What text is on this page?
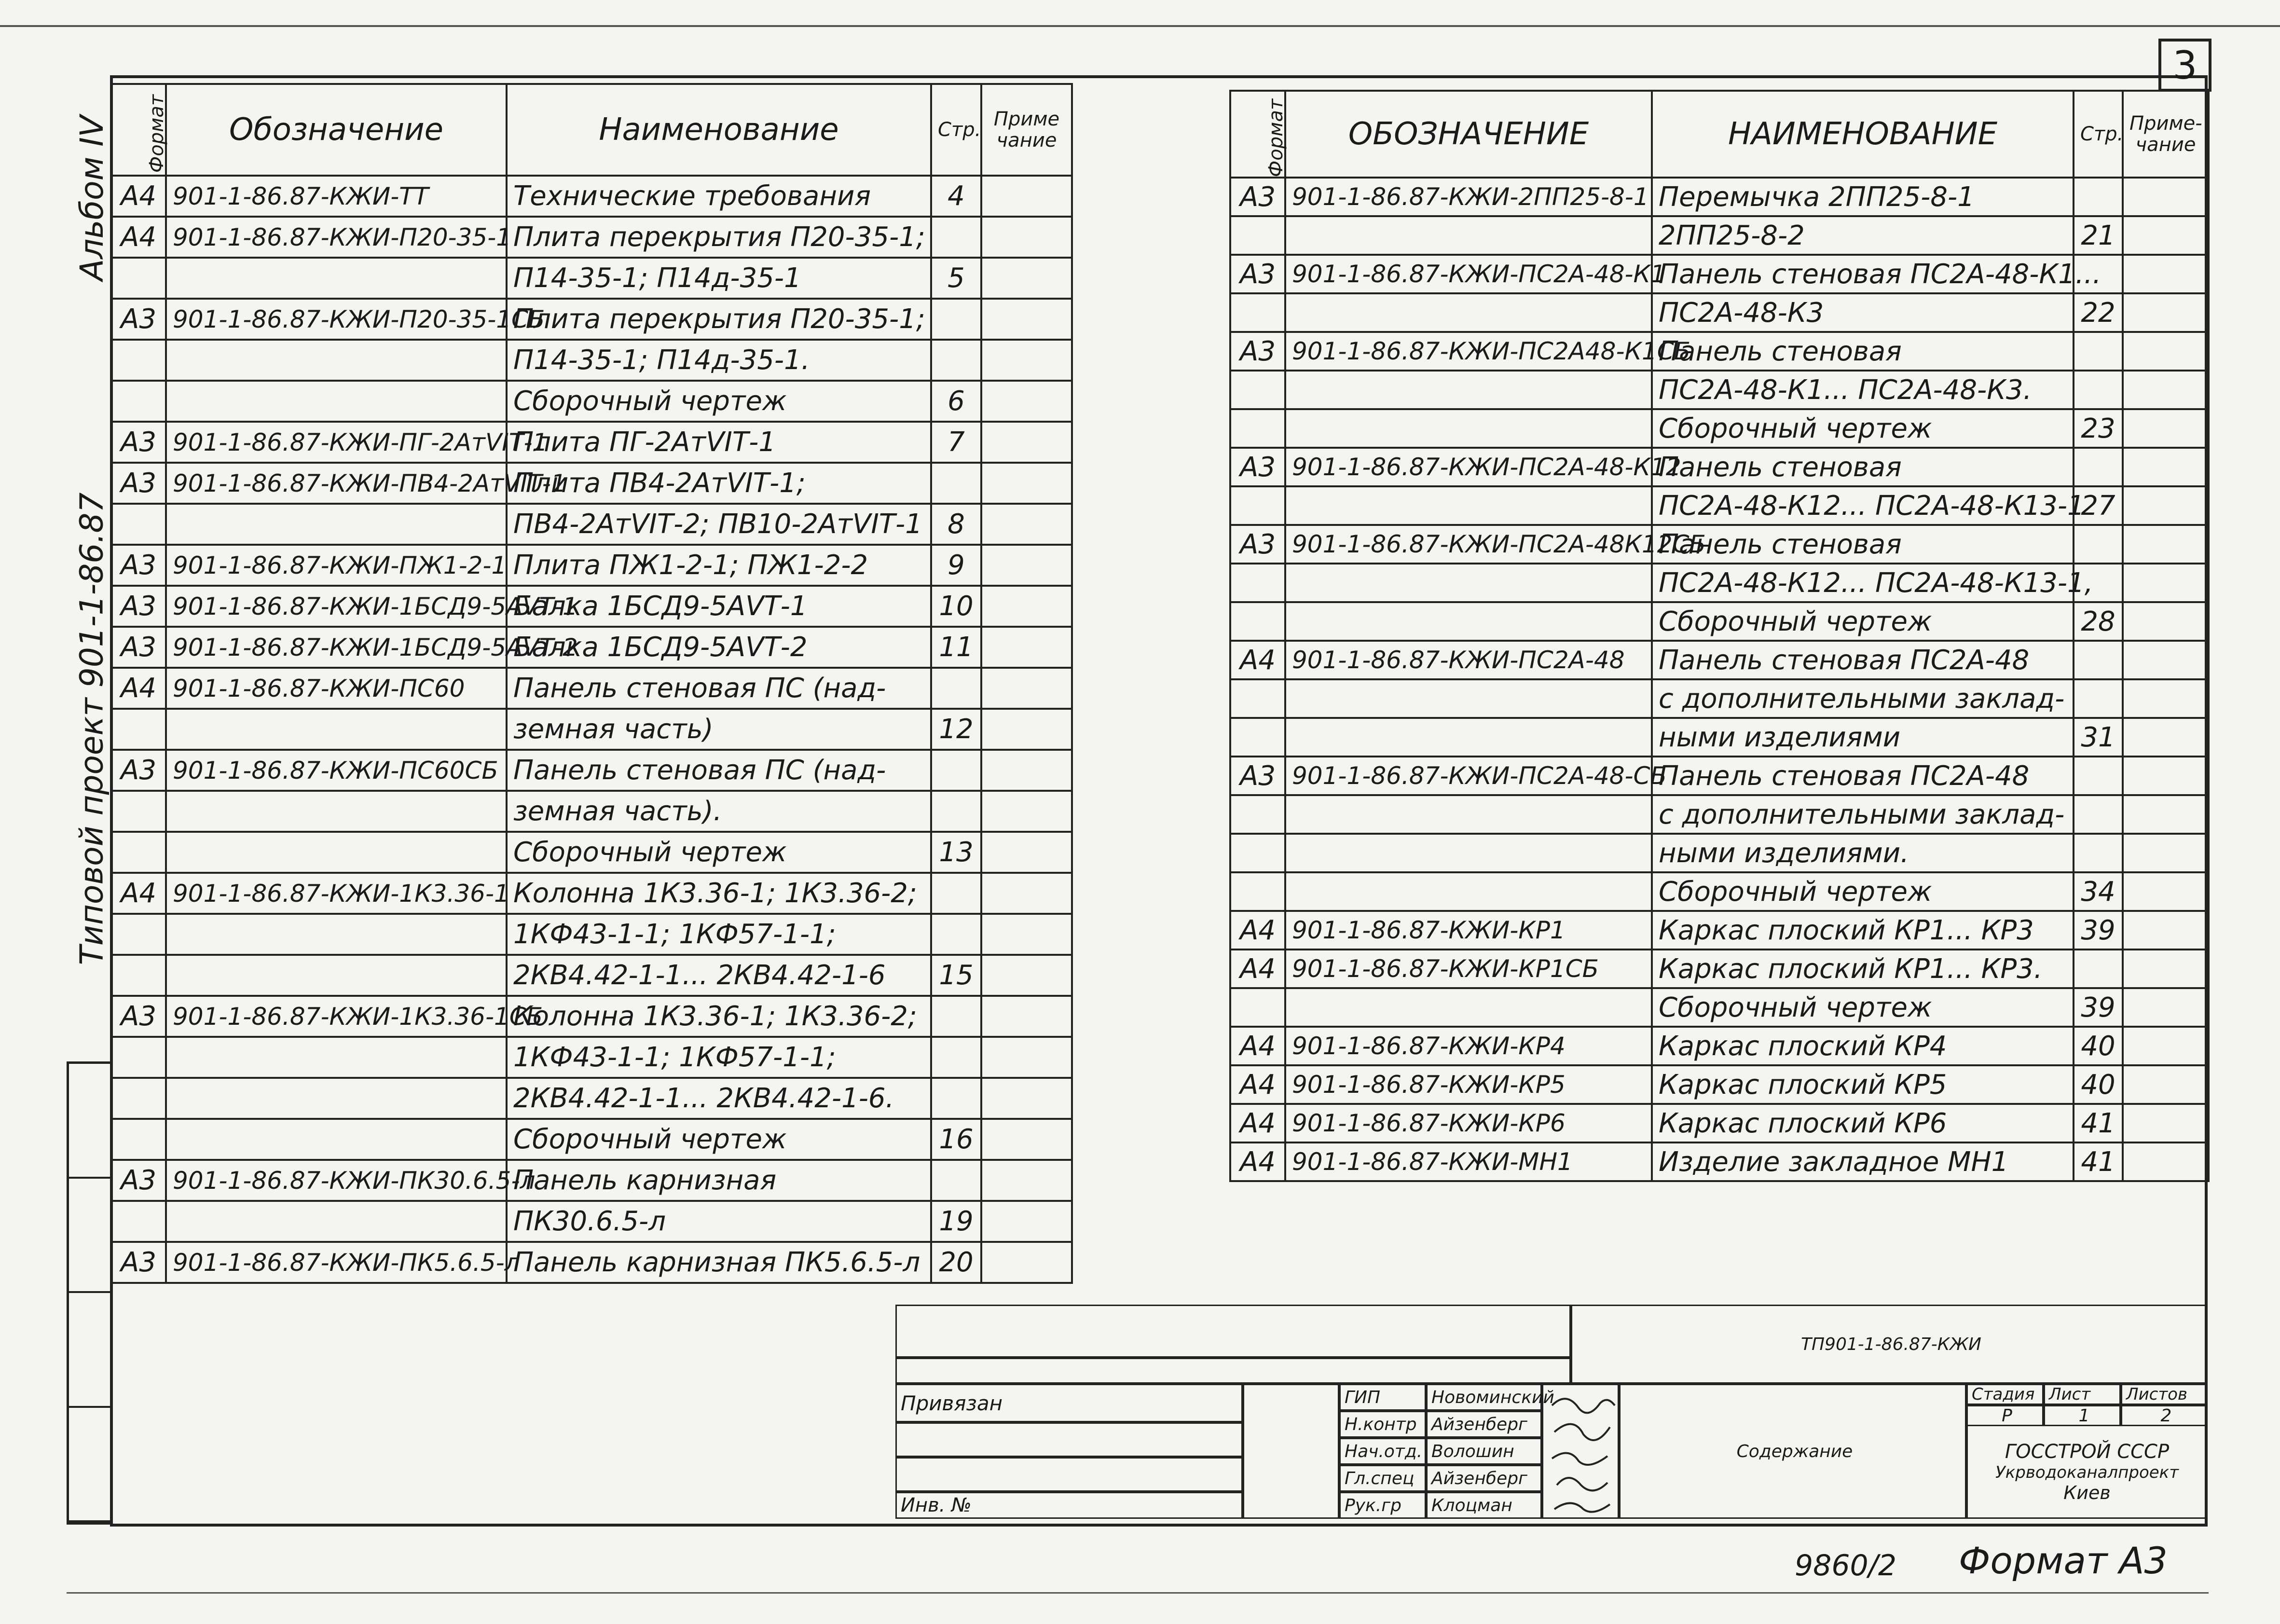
3
Альбом IV
Типовой проект 901-1-86.87
Формат	Обозначение	Наименование	Стр.	Приме чание
А4	901-1-86.87-КЖИ-ТТ	Технические требования	4	
А4	901-1-86.87-КЖИ-П20-35-1	Плита перекрытия П20-35-1;		
		П14-35-1; П14д-35-1	5	
А3	901-1-86.87-КЖИ-П20-35-1СБ	Плита перекрытия П20-35-1;		
		П14-35-1; П14д-35-1.		
		Сборочный чертеж	6	
А3	901-1-86.87-КЖИ-ПГ-2АтVIТ-1	Плита ПГ-2АтVIТ-1	7	
А3	901-1-86.87-КЖИ-ПВ4-2АтVIТ-1	Плита ПВ4-2АтVIТ-1;		
		ПВ4-2АтVIТ-2; ПВ10-2АтVIТ-1	8	
А3	901-1-86.87-КЖИ-ПЖ1-2-1	Плита ПЖ1-2-1; ПЖ1-2-2	9	
А3	901-1-86.87-КЖИ-1БСД9-5АVТ-1	Балка 1БСД9-5АVТ-1	10	
А3	901-1-86.87-КЖИ-1БСД9-5АVТ-2	Балка 1БСД9-5АVТ-2	11	
А4	901-1-86.87-КЖИ-ПС60	Панель стеновая ПС (над-		
		земная часть)	12	
А3	901-1-86.87-КЖИ-ПС60СБ	Панель стеновая ПС (над-		
		земная часть).		
		Сборочный чертеж	13	
А4	901-1-86.87-КЖИ-1К3.36-1	Колонна 1К3.36-1; 1К3.36-2;		
		1КФ43-1-1; 1КФ57-1-1;		
		2КВ4.42-1-1... 2КВ4.42-1-6	15	
А3	901-1-86.87-КЖИ-1К3.36-1СБ	Колонна 1К3.36-1; 1К3.36-2;		
		1КФ43-1-1; 1КФ57-1-1;		
		2КВ4.42-1-1... 2КВ4.42-1-6.		
		Сборочный чертеж	16	
А3	901-1-86.87-КЖИ-ПК30.6.5-л	Панель карнизная		
		ПК30.6.5-л	19	
А3	901-1-86.87-КЖИ-ПК5.6.5-л	Панель карнизная ПК5.6.5-л	20	
Формат	ОБОЗНАЧЕНИЕ	НАИМЕНОВАНИЕ	Стр.	Приме-чание
А3	901-1-86.87-КЖИ-2ПП25-8-1	Перемычка 2ПП25-8-1		
		2ПП25-8-2	21	
А3	901-1-86.87-КЖИ-ПС2А-48-К1	Панель стеновая ПС2А-48-К1...		
		ПС2А-48-К3	22	
А3	901-1-86.87-КЖИ-ПС2А48-К1СБ	Панель стеновая		
		ПС2А-48-К1... ПС2А-48-К3.		
		Сборочный чертеж	23	
А3	901-1-86.87-КЖИ-ПС2А-48-К12	Панель стеновая		
		ПС2А-48-К12... ПС2А-48-К13-1	27	
А3	901-1-86.87-КЖИ-ПС2А-48К12СБ	Панель стеновая		
		ПС2А-48-К12... ПС2А-48-К13-1,		
		Сборочный чертеж	28	
А4	901-1-86.87-КЖИ-ПС2А-48	Панель стеновая ПС2А-48		
		с дополнительными заклад-		
		ными изделиями	31	
А3	901-1-86.87-КЖИ-ПС2А-48-СБ	Панель стеновая ПС2А-48		
		с дополнительными заклад-		
		ными изделиями.		
		Сборочный чертеж	34	
А4	901-1-86.87-КЖИ-КР1	Каркас плоский КР1... КР3	39	
А4	901-1-86.87-КЖИ-КР1СБ	Каркас плоский КР1... КР3.		
		Сборочный чертеж	39	
А4	901-1-86.87-КЖИ-КР4	Каркас плоский КР4	40	
А4	901-1-86.87-КЖИ-КР5	Каркас плоский КР5	40	
А4	901-1-86.87-КЖИ-КР6	Каркас плоский КР6	41	
А4	901-1-86.87-КЖИ-МН1	Изделие закладное МН1	41	
ТП901-1-86.87-КЖИ
Привязан
Инв. №
ГИП
Н.контр
Нач.отд.
Гл.спец
Рук.гр
Новоминский
Айзенберг
Волошин
Айзенберг
Клоцман
Содержание
Стадия Лист	Листов
Р	1	2
ГОССТРОЙ СССР
Укрводоканалпроект
Киев
9860/2 Формат А3
